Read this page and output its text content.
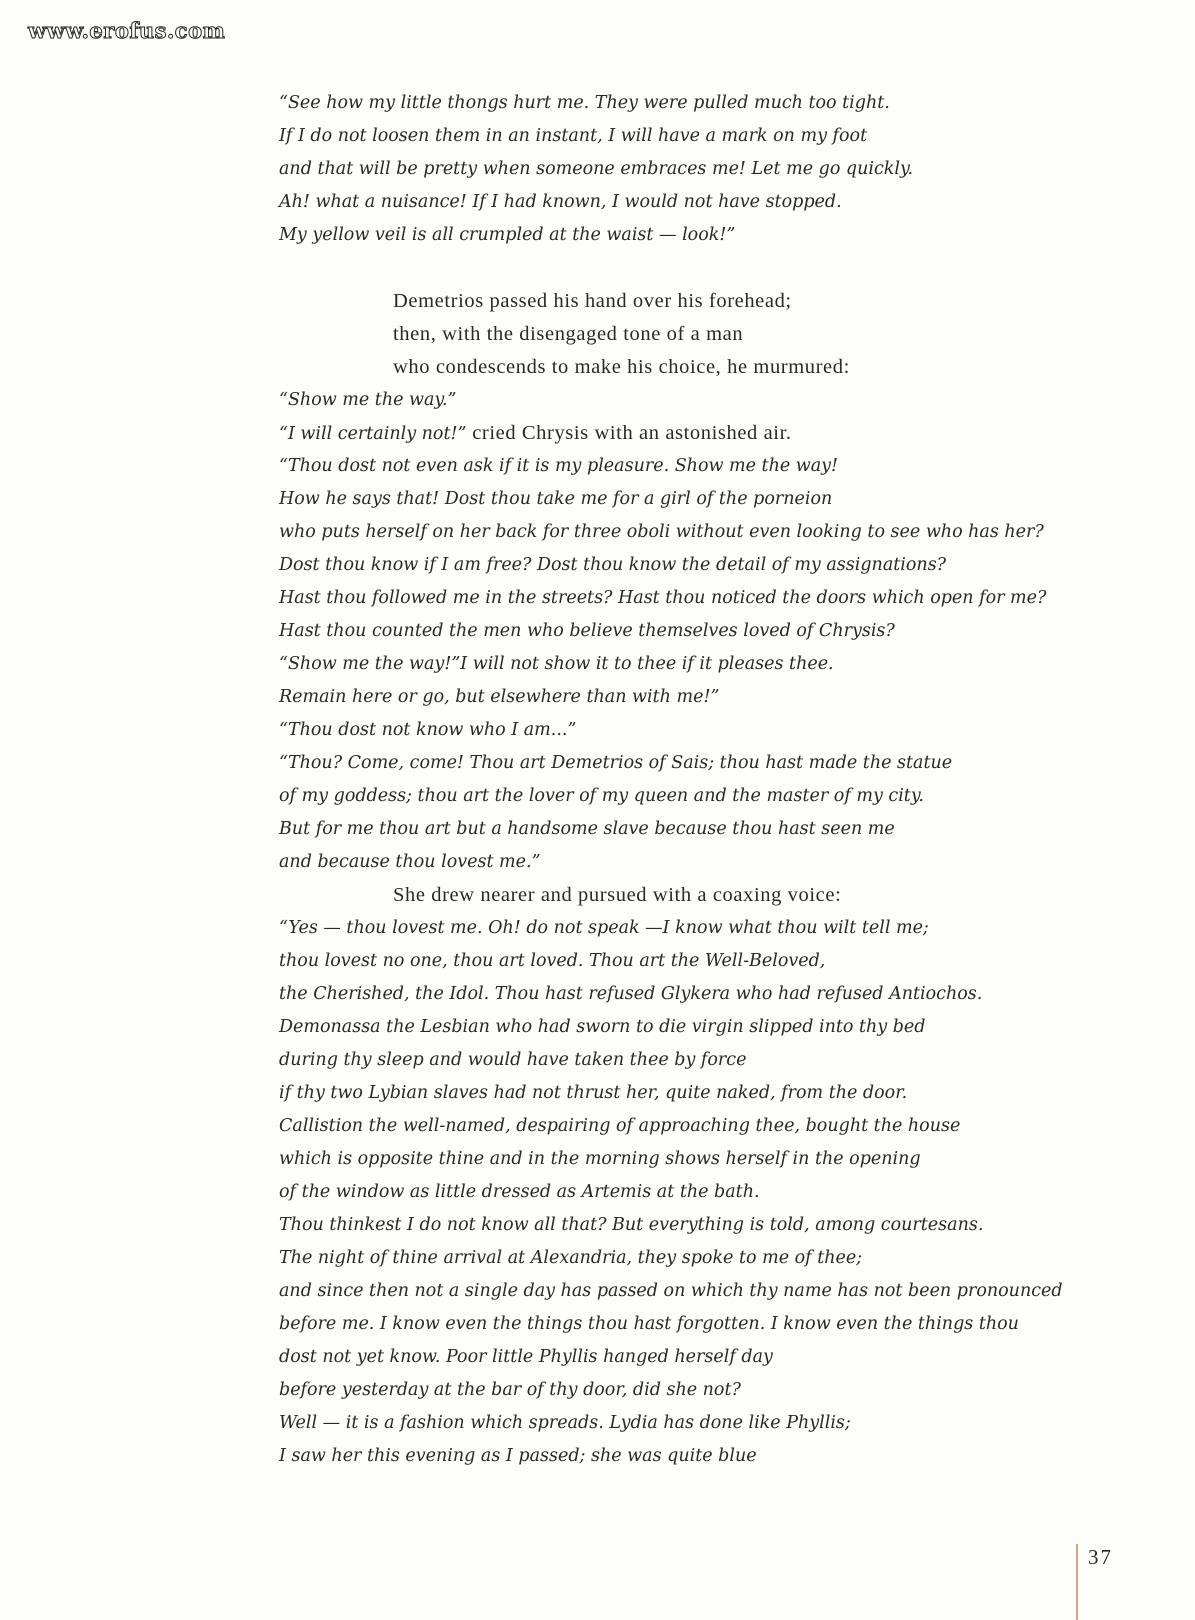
www.erofus.com
“See how my little thongs hurt me. They were pulled much too tight.
If I do not loosen them in an instant, I will have a mark on my foot
and that will be pretty when someone embraces me! Let me go quickly.
Ah! what a nuisance! If I had known, I would not have stopped.
My yellow veil is all crumpled at the waist — look!”
Demetrios passed his hand over his forehead;
then, with the disengaged tone of a man
who condescends to make his choice, he murmured:
“Show me the way.”
“I will certainly not!” cried Chrysis with an astonished air.
“Thou dost not even ask if it is my pleasure. Show me the way!
How he says that! Dost thou take me for a girl of the porneion
who puts herself on her back for three oboli without even looking to see who has her?
Dost thou know if I am free? Dost thou know the detail of my assignations?
Hast thou followed me in the streets? Hast thou noticed the doors which open for me?
Hast thou counted the men who believe themselves loved of Chrysis?
“Show me the way!”I will not show it to thee if it pleases thee.
Remain here or go, but elsewhere than with me!”
“Thou dost not know who I am...”
“Thou? Come, come! Thou art Demetrios of Sais; thou hast made the statue
of my goddess; thou art the lover of my queen and the master of my city.
But for me thou art but a handsome slave because thou hast seen me
and because thou lovest me.”
She drew nearer and pursued with a coaxing voice:
“Yes — thou lovest me. Oh! do not speak —I know what thou wilt tell me;
thou lovest no one, thou art loved. Thou art the Well-Beloved,
the Cherished, the Idol. Thou hast refused Glykera who had refused Antiochos.
Demonassa the Lesbian who had sworn to die virgin slipped into thy bed
during thy sleep and would have taken thee by force
if thy two Lybian slaves had not thrust her, quite naked, from the door.
Callistion the well-named, despairing of approaching thee, bought the house
which is opposite thine and in the morning shows herself in the opening
of the window as little dressed as Artemis at the bath.
Thou thinkest I do not know all that? But everything is told, among courtesans.
The night of thine arrival at Alexandria, they spoke to me of thee;
and since then not a single day has passed on which thy name has not been pronounced
before me. I know even the things thou hast forgotten. I know even the things thou
dost not yet know. Poor little Phyllis hanged herself day
before yesterday at the bar of thy door, did she not?
Well — it is a fashion which spreads. Lydia has done like Phyllis;
I saw her this evening as I passed; she was quite blue
37
